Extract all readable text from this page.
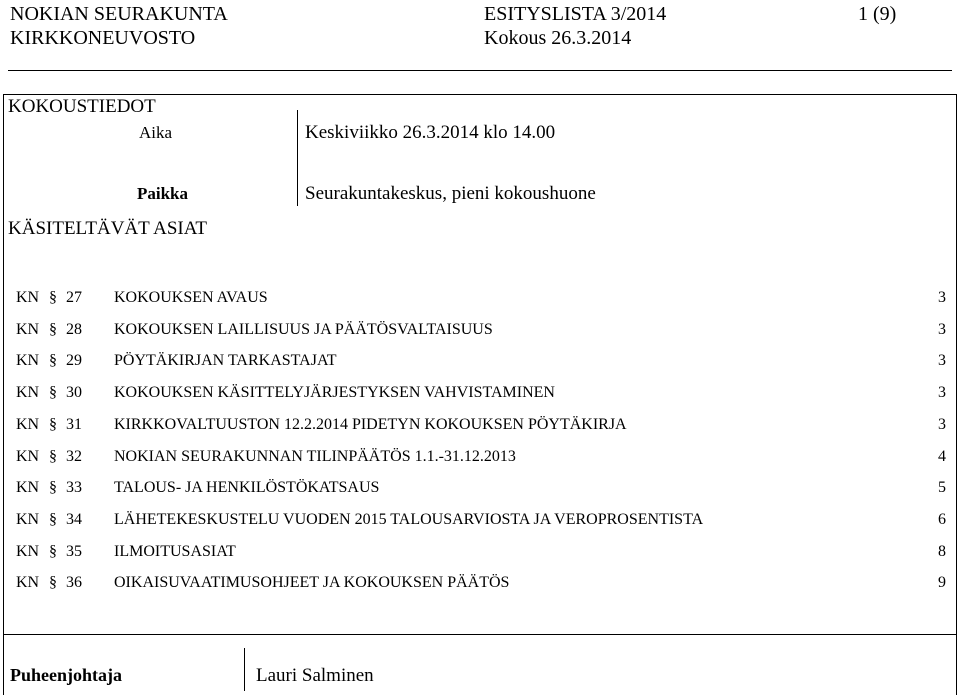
NOKIAN SEURAKUNTA
KIRKKONEUVOSTO
ESITYSLISTA 3/2014
Kokous 26.3.2014
1 (9)
KOKOUSTIEDOT
Aika	Keskiviikko 26.3.2014 klo 14.00
Paikka	Seurakuntakeskus, pieni kokoushuone
KÄSITELTÄVÄT ASIAT
KN § 27 KOKOUKSEN AVAUS	3
KN § 28 KOKOUKSEN LAILLISUUS JA PÄÄTÖSVALTAISUUS	3
KN § 29 PÖYTÄKIRJAN TARKASTAJAT	3
KN § 30 KOKOUKSEN KÄSITTELYJÄRJESTYKSEN VAHVISTAMINEN	3
KN § 31 KIRKKOVALTUUSTON 12.2.2014 PIDETYN KOKOUKSEN PÖYTÄKIRJA	3
KN § 32 NOKIAN SEURAKUNNAN TILINPÄÄTÖS 1.1.-31.12.2013	4
KN § 33 TALOUS- JA HENKILÖSTÖKATSAUS	5
KN § 34 LÄHETEKESKUSTELU VUODEN 2015 TALOUSARVIOSTA JA VEROPROSENTISTA	6
KN § 35 ILMOITUSASIAT	8
KN § 36 OIKAISUVAATIMUSOHJEET JA KOKOUKSEN PÄÄTÖS	9
Puheenjohtaja	Lauri Salminen
